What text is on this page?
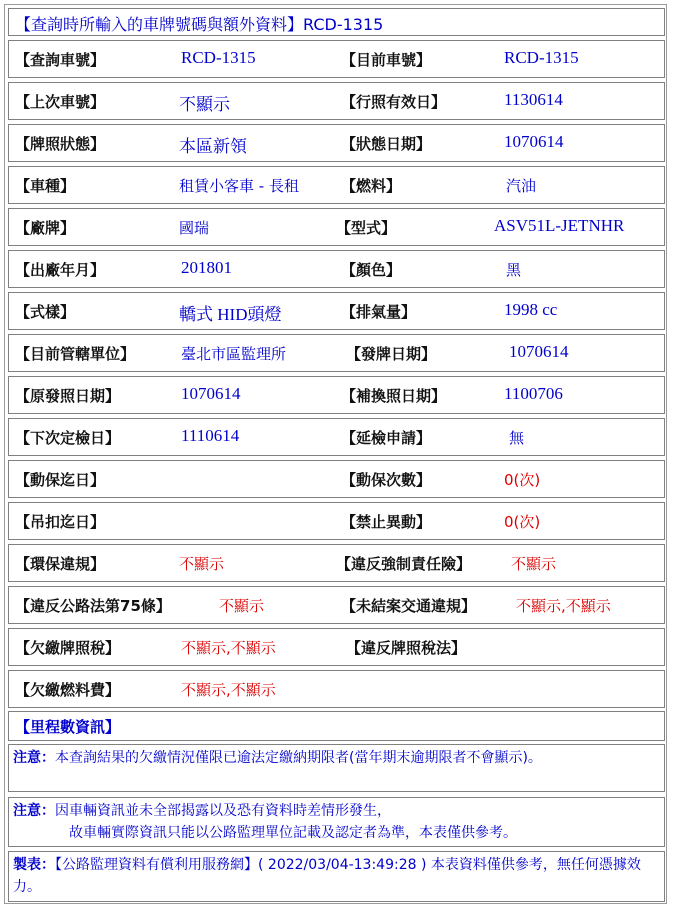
【查詢時所輸入的車牌號碼與額外資料】RCD-1315
【查詢車號】	RCD-1315	【目前車號】	RCD-1315
【上次車號】	不顯示	【行照有效日】	1130614
【牌照狀態】	本區新領	【狀態日期】	1070614
【車種】	租賃小客車 - 長租	【燃料】	汽油
【廠牌】	國瑞	【型式】	ASV51L-JETNHR
【出廠年月】	201801	【顏色】	黑
【式樣】	轎式 HID頭燈	【排氣量】	1998 cc
【目前管轄單位】	臺北市區監理所	【發牌日期】	1070614
【原發照日期】	1070614	【補換照日期】	1100706
【下次定檢日】	1110614	【延檢申請】	無
【動保迄日】	【動保次數】	0(次)
【吊扣迄日】	【禁止異動】	0(次)
【環保違規】	不顯示	【違反強制責任險】	不顯示
【違反公路法第75條】	不顯示	【未結案交通違規】	不顯示,不顯示
【欠繳牌照稅】	不顯示,不顯示	【違反牌照稅法】
【欠繳燃料費】	不顯示,不顯示
【里程數資訊】
注意：本查詢結果的欠繳情況僅限已逾法定繳納期限者(當年期末逾期限者不會顯示)。
注意：因車輛資訊並未全部揭露以及恐有資料時差情形發生，
故車輛實際資訊只能以公路監理單位記載及認定者為準，本表僅供參考。
製表：【公路監理資料有償利用服務網】( 2022/03/04-13:49:28 ) 本表資料僅供參考，無任何憑據效力。
